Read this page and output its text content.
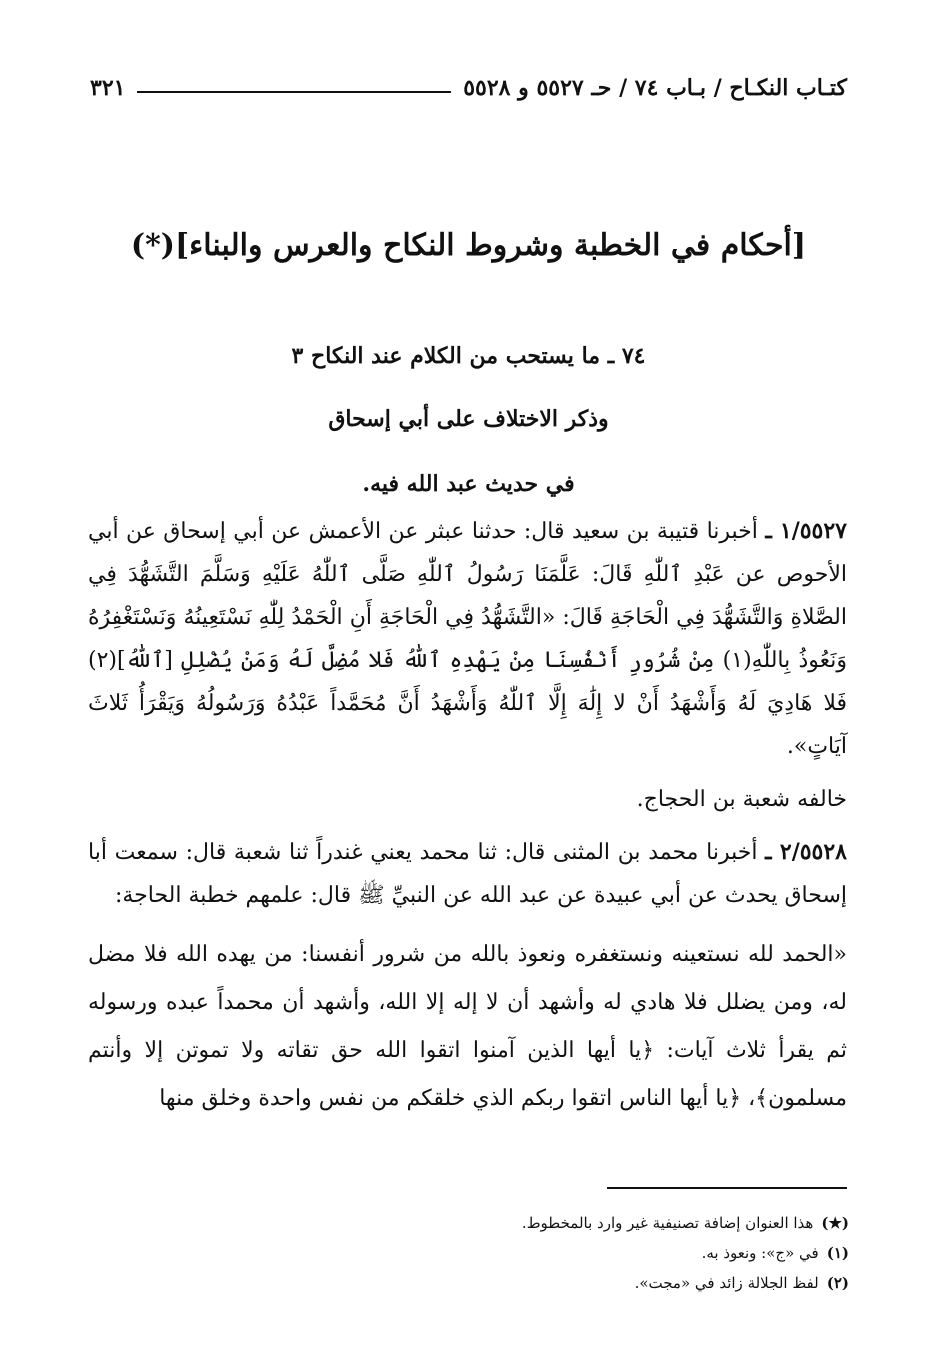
كتـاب النكـاح / بـاب ٧٤ / حـ ٥٥٢٧ و ٥٥٢٨
٣٢١
[أحكام في الخطبة وشروط النكاح والعرس والبناء](*)
٧٤ ـ ما يستحب من الكلام عند النكاح ٣
وذكر الاختلاف على أبي إسحاق
في حديث عبد الله فيه.

١/٥٥٢٧ ـ أخبرنا قتيبة بن سعيد قال: حدثنا عبثر عن الأعمش عن أبي إسحاق عن أبي الأحوص عن عَبْدِ ٱللّٰهِ قَالَ: عَلَّمَنَا رَسُولُ ٱللّٰهِ صَلَّى ٱللّٰهُ عَلَيْهِ وَسَلَّمَ التَّشَهُّدَ فِي الصَّلاةِ وَالتَّشَهُّدَ فِي الْحَاجَةِ قَالَ: «التَّشَهُّدُ فِي الْحَاجَةِ أَنِ الْحَمْدُ لِلّٰهِ نَسْتَعِينُهُ وَنَسْتَغْفِرُهُ وَنَعُوذُ بِاللّٰهِ(١) مِنْ شُرُورِ أَنْفُسِنَا مِنْ يَهْدِهِ ٱللّٰهُ فَلا مُضِلَّ لَهُ وَمَنْ يُضْلِلِ [ٱللّٰهُ](٢) فَلا هَادِيَ لَهُ وَأَشْهَدُ أَنْ لا إِلَٰهَ إِلَّا ٱللّٰهُ وَأَشْهَدُ أَنَّ مُحَمَّداً عَبْدُهُ وَرَسُولُهُ وَيَقْرَأُ ثَلاثَ آيَاتٍ».

خالفه شعبة بن الحجاج.

٢/٥٥٢٨ ـ أخبرنا محمد بن المثنى قال: ثنا محمد يعني غندراً ثنا شعبة قال: سمعت أبا إسحاق يحدث عن أبي عبيدة عن عبد الله عن النبيِّ ﷺ قال: علمهم خطبة الحاجة:

«الحمد لله نستعينه ونستغفره ونعوذ بالله من شرور أنفسنا: من يهده الله فلا مضل له، ومن يضلل فلا هادي له وأشهد أن لا إله إلا الله، وأشهد أن محمداً عبده ورسوله ثم يقرأ ثلاث آيات: ﴿يا أيها الذين آمنوا اتقوا الله حق تقاته ولا تموتن إلا وأنتم مسلمون﴾، ﴿يا أيها الناس اتقوا ربكم الذي خلقكم من نفس واحدة وخلق منها

(★)هذا العنوان إضافة تصنيفية غير وارد بالمخطوط.

(١)في «ج»: ونعوذ به.

(٢)لفظ الجلالة زائد في «مجت».
